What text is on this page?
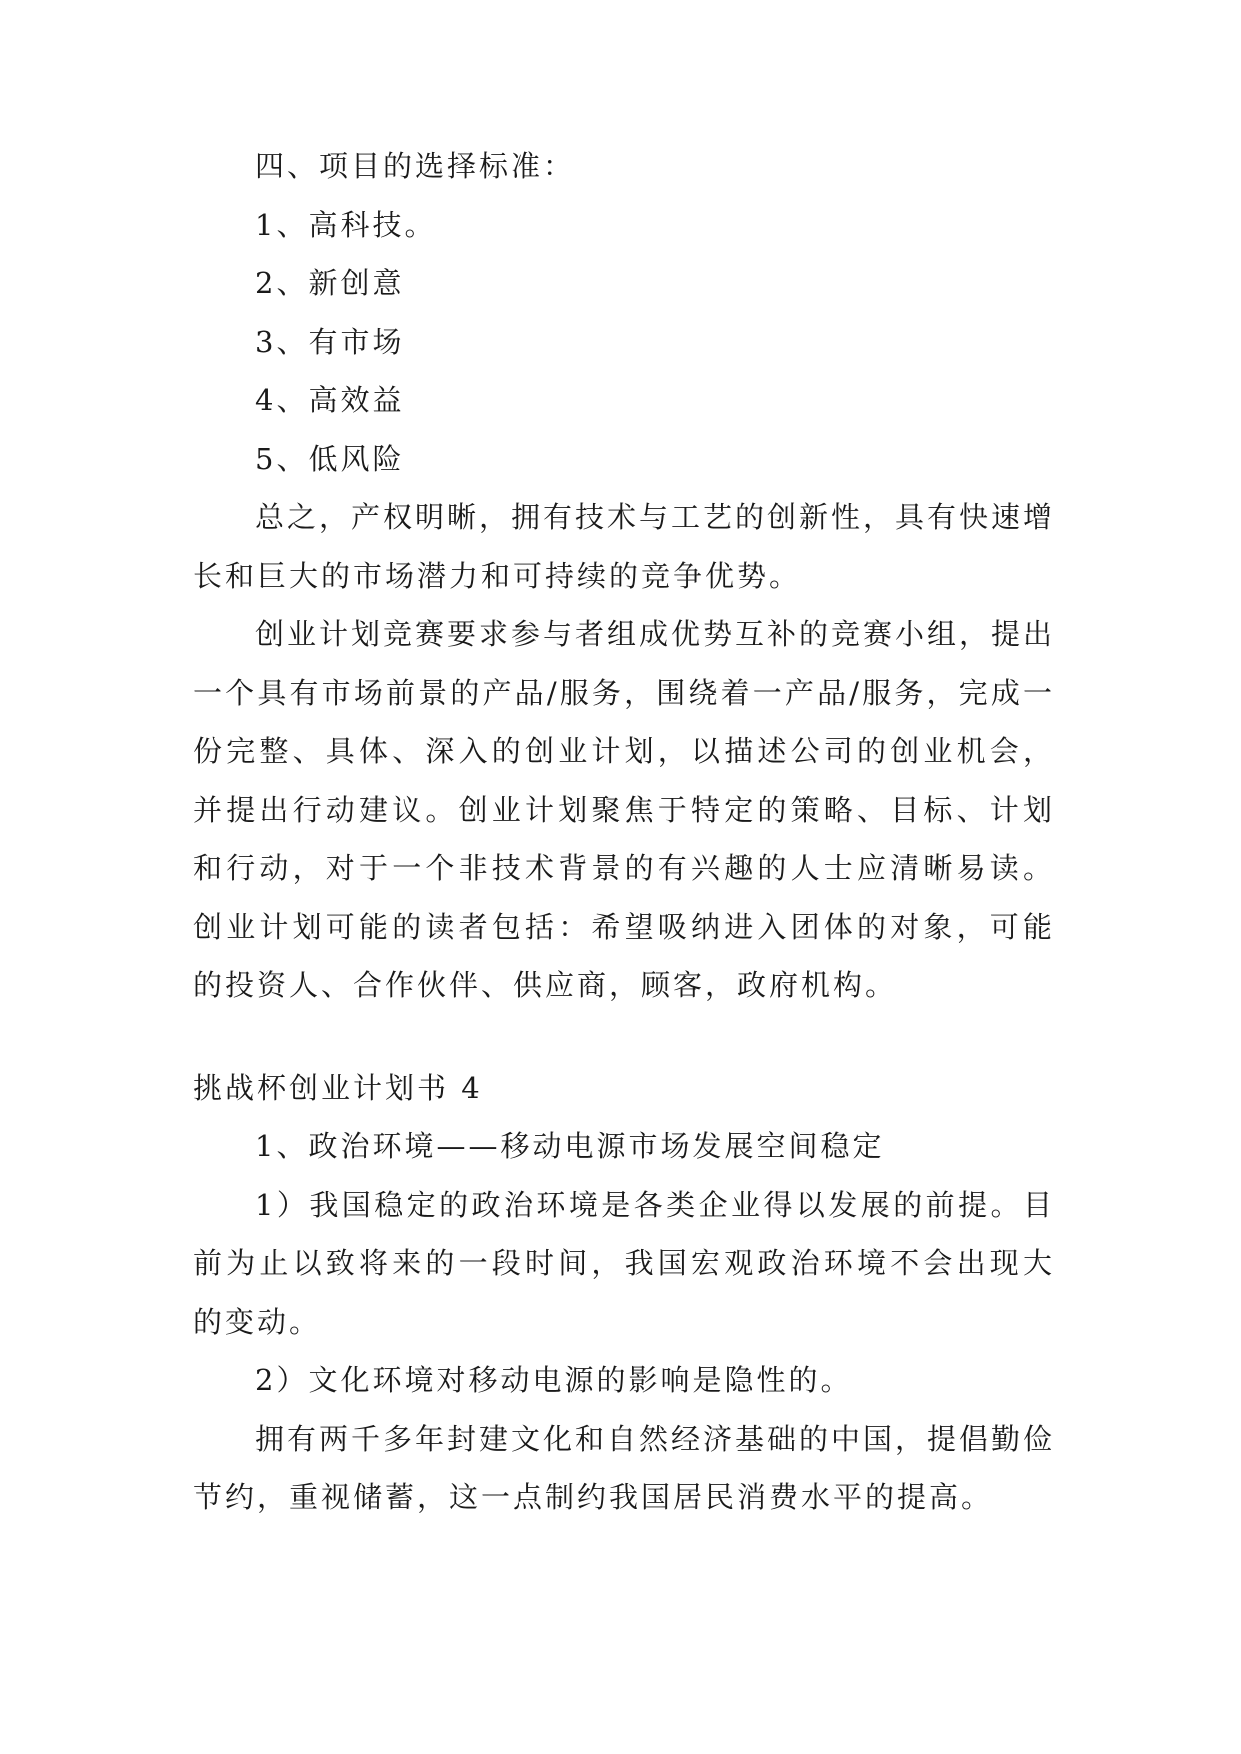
四、项目的选择标准：

1、高科技。

2、新创意

3、有市场

4、高效益

5、低风险

总之，产权明晰，拥有技术与工艺的创新性，具有快速增长和巨大的市场潜力和可持续的竞争优势。

创业计划竞赛要求参与者组成优势互补的竞赛小组，提出一个具有市场前景的产品/服务，围绕着一产品/服务，完成一份完整、具体、深入的创业计划，以描述公司的创业机会，并提出行动建议。创业计划聚焦于特定的策略、目标、计划和行动，对于一个非技术背景的有兴趣的人士应清晰易读。创业计划可能的读者包括：希望吸纳进入团体的对象，可能的投资人、合作伙伴、供应商，顾客，政府机构。

挑战杯创业计划书 4

1、政治环境——移动电源市场发展空间稳定

1）我国稳定的政治环境是各类企业得以发展的前提。目前为止以致将来的一段时间，我国宏观政治环境不会出现大的变动。

2）文化环境对移动电源的影响是隐性的。

拥有两千多年封建文化和自然经济基础的中国，提倡勤俭节约，重视储蓄，这一点制约我国居民消费水平的提高。
